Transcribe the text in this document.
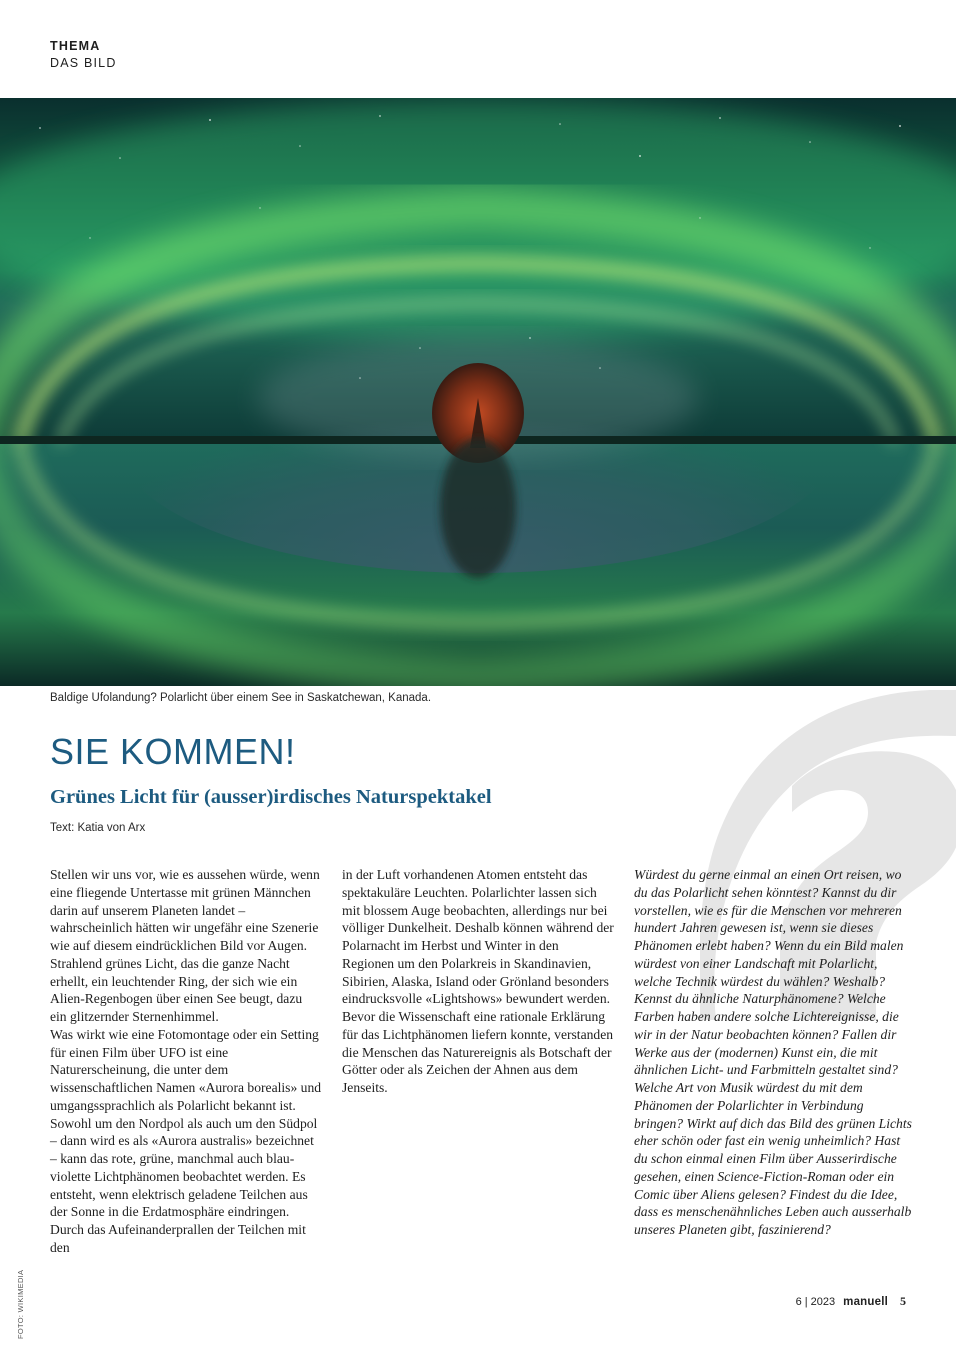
THEMA
DAS BILD
FOTO: WIKIMEDIA
Baldige Ufolandung? Polarlicht über einem See in Saskatchewan, Kanada.
SIE KOMMEN!
Grünes Licht für (ausser)irdisches Naturspektakel
Text: Katia von Arx

Stellen wir uns vor, wie es aussehen würde, wenn eine fliegende Untertasse mit grünen Männchen darin auf unserem Planeten landet – wahrscheinlich hätten wir ungefähr eine Szenerie wie auf diesem eindrücklichen Bild vor Augen. Strahlend grünes Licht, das die ganze Nacht erhellt, ein leuchtender Ring, der sich wie ein Alien-Regenbogen über einen See beugt, dazu ein glitzernder Sternenhimmel.

Was wirkt wie eine Fotomontage oder ein Setting für einen Film über UFO ist eine Naturerscheinung, die unter dem wissenschaftlichen Namen «Aurora borealis» und umgangssprachlich als Polarlicht bekannt ist. Sowohl um den Nordpol als auch um den Südpol – dann wird es als «Aurora australis» bezeichnet – kann das rote, grüne, manchmal auch blau-violette Lichtphänomen beobachtet werden. Es entsteht, wenn elektrisch geladene Teilchen aus der Sonne in die Erdatmosphäre eindringen. Durch das Aufeinanderprallen der Teilchen mit den

in der Luft vorhandenen Atomen entsteht das spektakuläre Leuchten. Polarlichter lassen sich mit blossem Auge beobachten, allerdings nur bei völliger Dunkelheit. Deshalb können während der Polarnacht im Herbst und Winter in den Regionen um den Polarkreis in Skandinavien, Sibirien, Alaska, Island oder Grönland besonders eindrucksvolle «Lightshows» bewundert werden. Bevor die Wissenschaft eine rationale Erklärung für das Lichtphänomen liefern konnte, verstanden die Menschen das Naturereignis als Botschaft der Götter oder als Zeichen der Ahnen aus dem Jenseits.

Würdest du gerne einmal an einen Ort reisen, wo du das Polarlicht sehen könntest? Kannst du dir vorstellen, wie es für die Menschen vor mehreren hundert Jahren gewesen ist, wenn sie dieses Phänomen erlebt haben? Wenn du ein Bild malen würdest von einer Landschaft mit Polarlicht, welche Technik würdest du wählen? Weshalb? Kennst du ähnliche Naturphänomene? Welche Farben haben andere solche Lichtereignisse, die wir in der Natur beobachten können? Fallen dir Werke aus der (modernen) Kunst ein, die mit ähnlichen Licht- und Farbmitteln gestaltet sind? Welche Art von Musik würdest du mit dem Phänomen der Polarlichter in Verbindung bringen? Wirkt auf dich das Bild des grünen Lichts eher schön oder fast ein wenig unheimlich? Hast du schon einmal einen Film über Ausserirdische gesehen, einen Science-Fiction-Roman oder ein Comic über Aliens gelesen? Findest du die Idee, dass es menschenähnliches Leben auch ausserhalb unseres Planeten gibt, faszinierend?

6 | 2023 manuell 5
